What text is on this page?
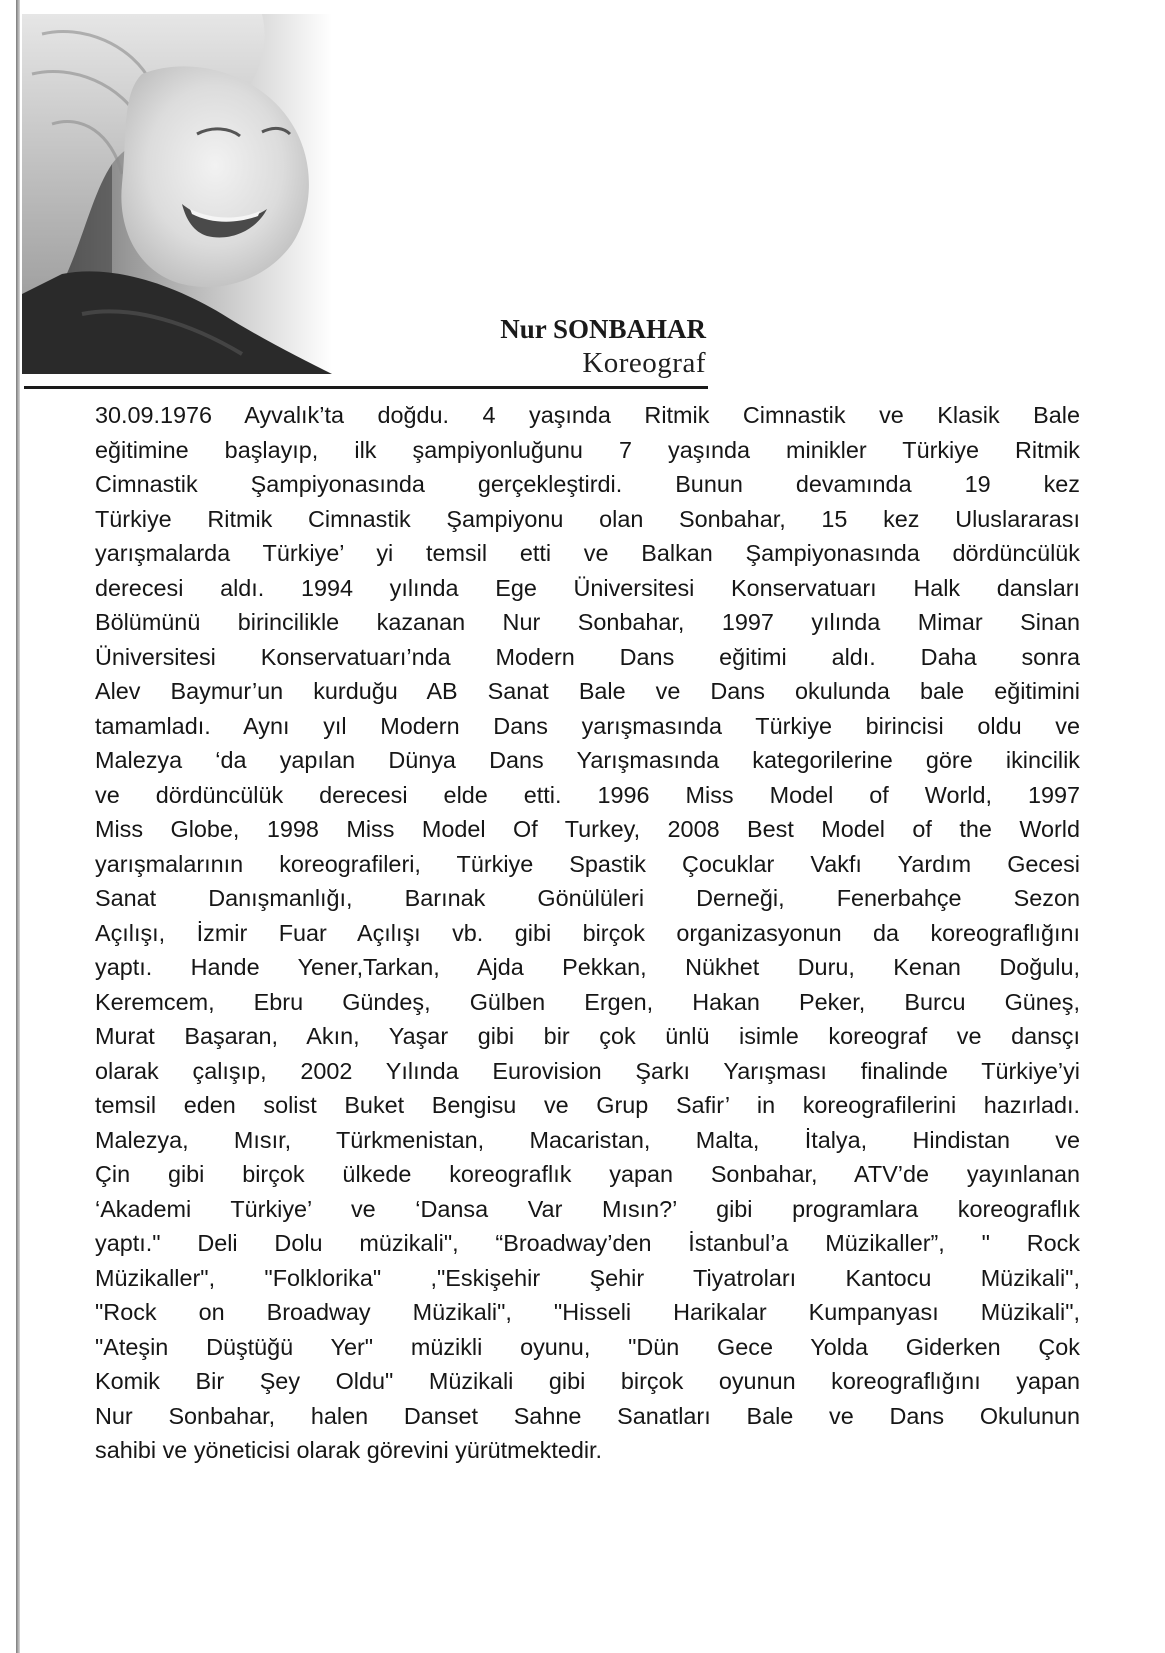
Nur SONBAHAR
Koreograf
30.09.1976 Ayvalık’ta doğdu. 4 yaşında Ritmik Cimnastik ve Klasik Bale
eğitimine başlayıp, ilk şampiyonluğunu 7 yaşında minikler Türkiye Ritmik
Cimnastik Şampiyonasında gerçekleştirdi. Bunun devamında 19 kez
Türkiye Ritmik Cimnastik Şampiyonu olan Sonbahar, 15 kez Uluslararası
yarışmalarda Türkiye’ yi temsil etti ve Balkan Şampiyonasında dördüncülük
derecesi aldı. 1994 yılında Ege Üniversitesi Konservatuarı Halk dansları
Bölümünü birincilikle kazanan Nur Sonbahar, 1997 yılında Mimar Sinan
Üniversitesi Konservatuarı’nda Modern Dans eğitimi aldı. Daha sonra
Alev Baymur’un kurduğu AB Sanat Bale ve Dans okulunda bale eğitimini
tamamladı. Aynı yıl Modern Dans yarışmasında Türkiye birincisi oldu ve
Malezya ‘da yapılan Dünya Dans Yarışmasında kategorilerine göre ikincilik
ve dördüncülük derecesi elde etti. 1996 Miss Model of World, 1997
Miss Globe, 1998 Miss Model Of Turkey, 2008 Best Model of the World
yarışmalarının koreografileri, Türkiye Spastik Çocuklar Vakfı Yardım Gecesi
Sanat Danışmanlığı, Barınak Gönülüleri Derneği, Fenerbahçe Sezon
Açılışı, İzmir Fuar Açılışı vb. gibi birçok organizasyonun da koreograflığını
yaptı. Hande Yener,Tarkan, Ajda Pekkan, Nükhet Duru, Kenan Doğulu,
Keremcem, Ebru Gündeş, Gülben Ergen, Hakan Peker, Burcu Güneş,
Murat Başaran, Akın, Yaşar gibi bir çok ünlü isimle koreograf ve dansçı
olarak çalışıp, 2002 Yılında Eurovision Şarkı Yarışması finalinde Türkiye’yi
temsil eden solist Buket Bengisu ve Grup Safir’ in koreografilerini hazırladı.
Malezya, Mısır, Türkmenistan, Macaristan, Malta, İtalya, Hindistan ve
Çin gibi birçok ülkede koreograflık yapan Sonbahar, ATV’de yayınlanan
‘Akademi Türkiye’ ve ‘Dansa Var Mısın?’ gibi programlara koreograflık
yaptı." Deli Dolu müzikali", “Broadway’den İstanbul’a Müzikaller”, " Rock
Müzikaller", "Folklorika" ,"Eskişehir Şehir Tiyatroları Kantocu Müzikali",
"Rock on Broadway Müzikali", "Hisseli Harikalar Kumpanyası Müzikali",
"Ateşin Düştüğü Yer" müzikli oyunu, "Dün Gece Yolda Giderken Çok
Komik Bir Şey Oldu" Müzikali gibi birçok oyunun koreograflığını yapan
Nur Sonbahar, halen Danset Sahne Sanatları Bale ve Dans Okulunun
sahibi ve yöneticisi olarak görevini yürütmektedir.
